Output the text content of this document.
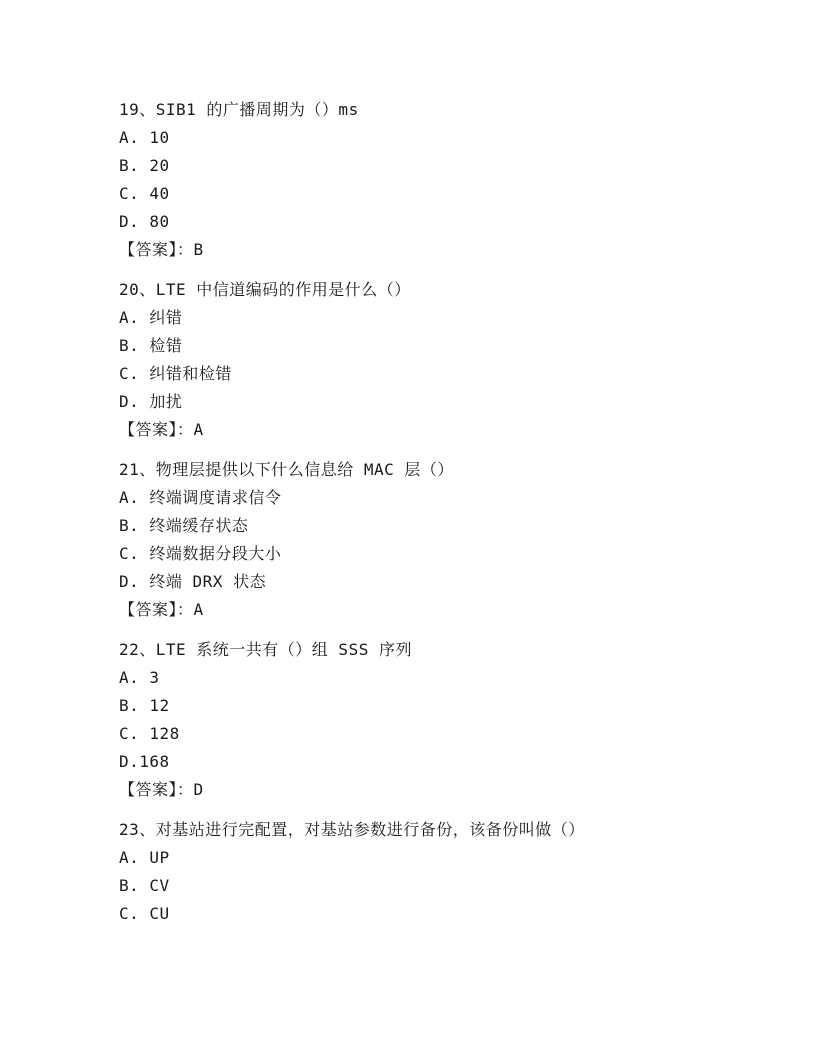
19、SIB1 的广播周期为（）ms
A. 10
B. 20
C. 40
D. 80
【答案】：B
20、LTE 中信道编码的作用是什么（）
A. 纠错
B. 检错
C. 纠错和检错
D. 加扰
【答案】：A
21、物理层提供以下什么信息给 MAC 层（）
A. 终端调度请求信令
B. 终端缓存状态
C. 终端数据分段大小
D. 终端 DRX 状态
【答案】：A
22、LTE 系统一共有（）组 SSS 序列
A. 3
B. 12
C. 128
D.168
【答案】：D
23、对基站进行完配置，对基站参数进行备份，该备份叫做（）
A. UP
B. CV
C. CU
